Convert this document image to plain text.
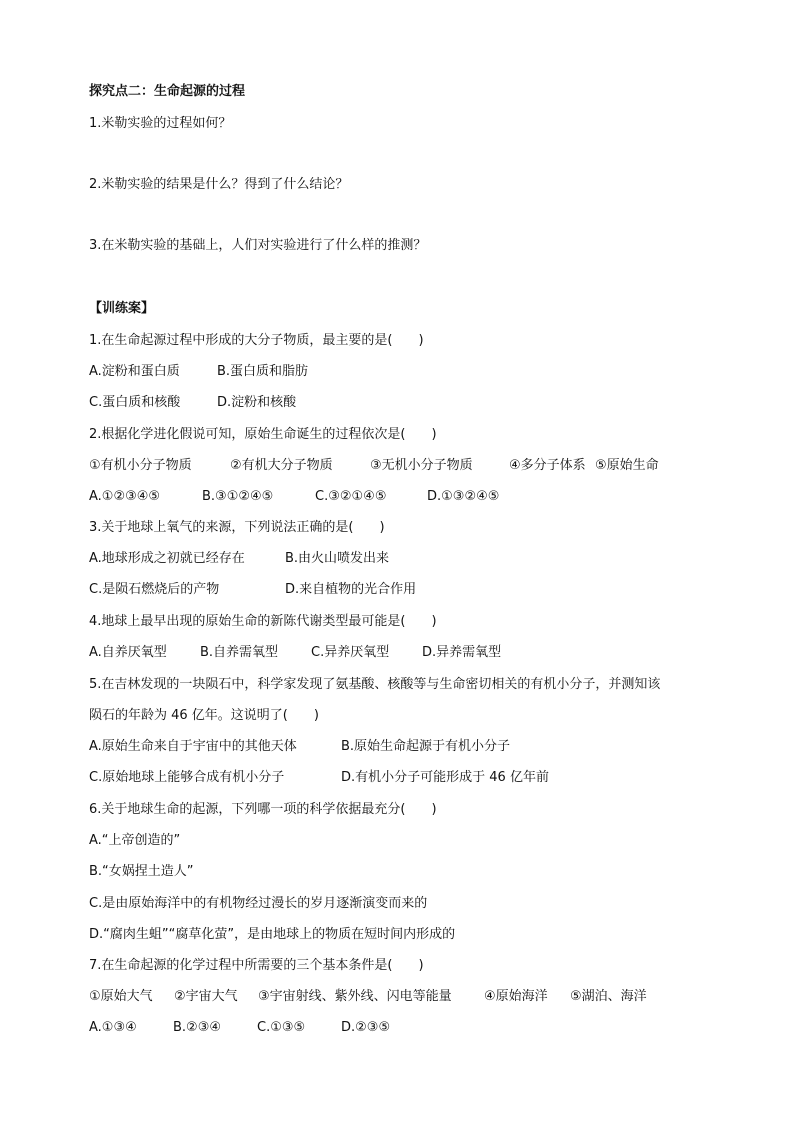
探究点二：生命起源的过程
1.米勒实验的过程如何？
2.米勒实验的结果是什么？得到了什么结论？
3.在米勒实验的基础上，人们对实验进行了什么样的推测？
【训练案】
1.在生命起源过程中形成的大分子物质，最主要的是(　　)
A.淀粉和蛋白质	B.蛋白质和脂肪
C.蛋白质和核酸	D.淀粉和核酸
2.根据化学进化假说可知，原始生命诞生的过程依次是(　　)
①有机小分子物质	②有机大分子物质	③无机小分子物质	④多分子体系 ⑤原始生命
A.①②③④⑤	B.③①②④⑤	C.③②①④⑤	D.①③②④⑤
3.关于地球上氧气的来源，下列说法正确的是(　　)
A.地球形成之初就已经存在	B.由火山喷发出来
C.是陨石燃烧后的产物	D.来自植物的光合作用
4.地球上最早出现的原始生命的新陈代谢类型最可能是(　　)
A.自养厌氧型	B.自养需氧型	C.异养厌氧型	D.异养需氧型
5.在吉林发现的一块陨石中，科学家发现了氨基酸、核酸等与生命密切相关的有机小分子，并测知该
陨石的年龄为 46 亿年。这说明了(　　)
A.原始生命来自于宇宙中的其他天体	B.原始生命起源于有机小分子
C.原始地球上能够合成有机小分子	D.有机小分子可能形成于 46 亿年前
6.关于地球生命的起源，下列哪一项的科学依据最充分(　　)
A.“上帝创造的”
B.“女娲捏土造人”
C.是由原始海洋中的有机物经过漫长的岁月逐渐演变而来的
D.“腐肉生蛆”“腐草化萤”，是由地球上的物质在短时间内形成的
7.在生命起源的化学过程中所需要的三个基本条件是(　　)
①原始大气	②宇宙大气	③宇宙射线、紫外线、闪电等能量	④原始海洋	⑤湖泊、海洋
A.①③④	B.②③④	C.①③⑤	D.②③⑤
